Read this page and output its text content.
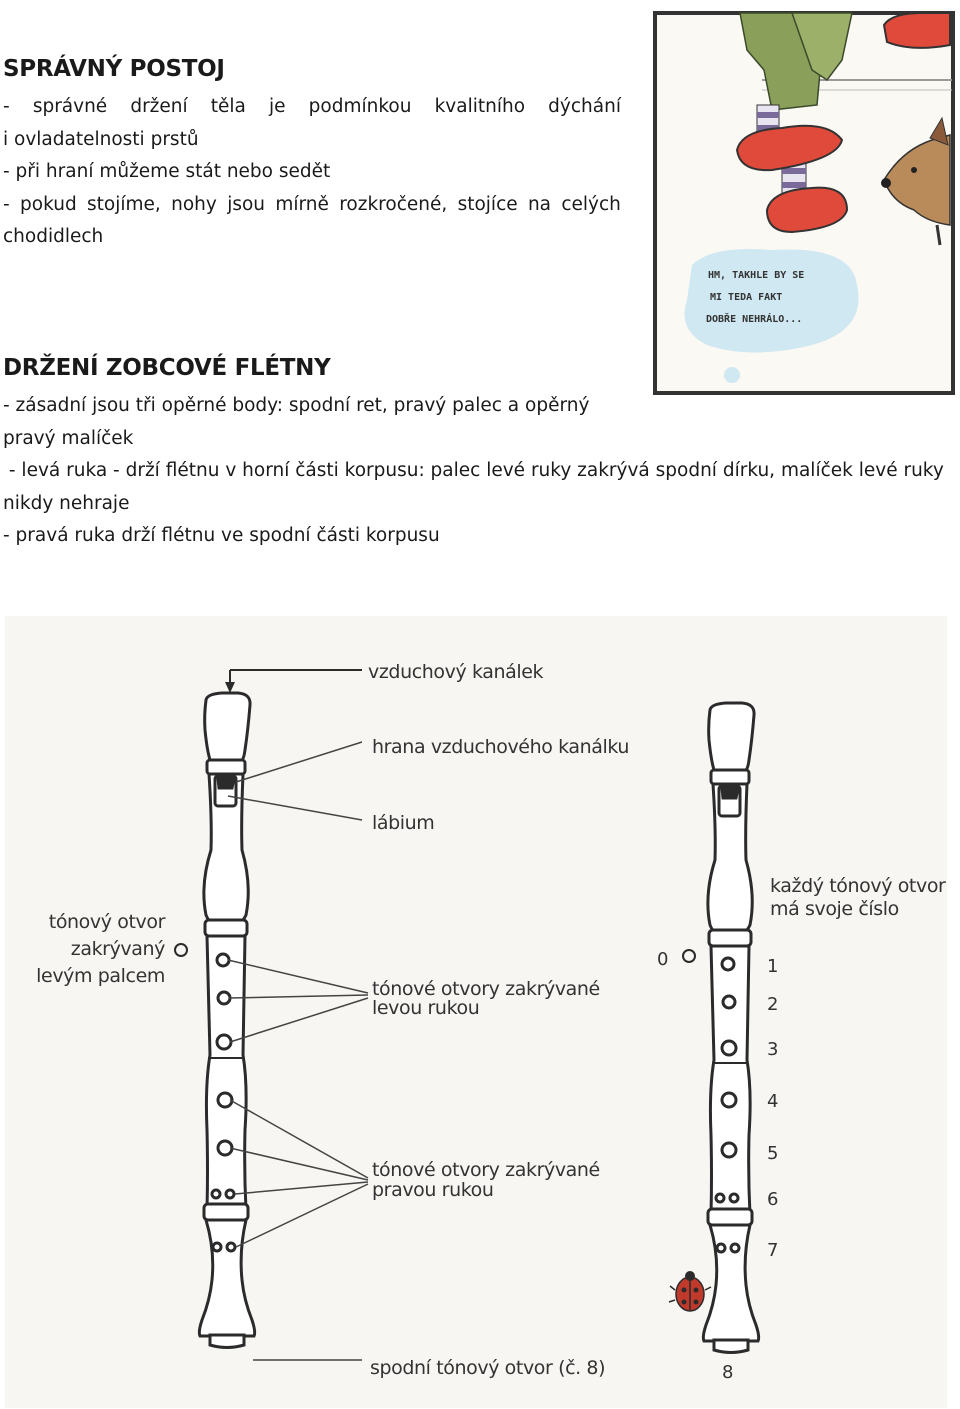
SPRÁVNÝ POSTOJ
- správné držení těla je podmínkou kvalitního dýchání
i ovladatelnosti prstů
- při hraní můžeme stát nebo sedět
- pokud stojíme, nohy jsou mírně rozkročené, stojíce na celých
chodidlech
DRŽENÍ ZOBCOVÉ FLÉTNY
- zásadní jsou tři opěrné body: spodní ret, pravý palec a opěrný
pravý malíček
- levá ruka - drží flétnu v horní části korpusu: palec levé ruky zakrývá spodní dírku, malíček levé ruky
nikdy nehraje
- pravá ruka drží flétnu ve spodní části korpusu
HM, TAKHLE BY SE
MI TEDA FAKT
DOBŘE NEHRÁLO...
vzduchový kanálek
hrana vzduchového kanálku
lábium
tónový otvor
zakrývaný
levým palcem
tónové otvory zakrývané
levou rukou
tónové otvory zakrývané
pravou rukou
spodní tónový otvor (č. 8)
každý tónový otvor
má svoje číslo
0	1
2
3
4
5
6
7
8
